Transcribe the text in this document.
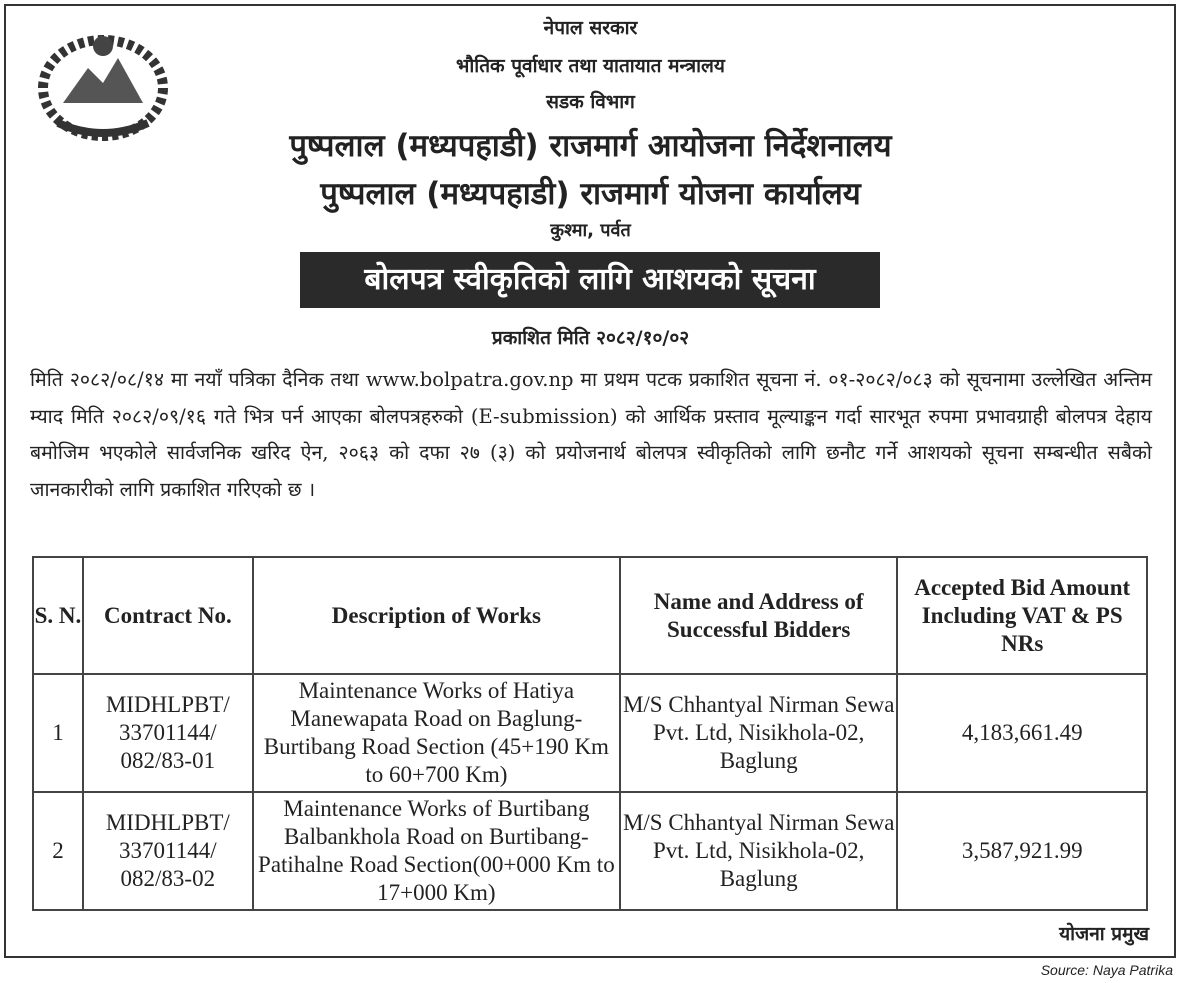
नेपाल सरकार
भौतिक पूर्वाधार तथा यातायात मन्त्रालय
सडक विभाग
पुष्पलाल (मध्यपहाडी) राजमार्ग आयोजना निर्देशनालय
पुष्पलाल (मध्यपहाडी) राजमार्ग योजना कार्यालय
कुश्मा, पर्वत
बोलपत्र स्वीकृतिको लागि आशयको सूचना
प्रकाशित मिति २०८२/१०/०२
मिति २०८२/०८/१४ मा नयाँ पत्रिका दैनिक तथा www.bolpatra.gov.np मा प्रथम पटक प्रकाशित सूचना नं. ०१-२०८२/०८३ को सूचनामा उल्लेखित अन्तिम म्याद मिति २०८२/०९/१६ गते भित्र पर्न आएका बोलपत्रहरुको (E-submission) को आर्थिक प्रस्ताव मूल्याङ्कन गर्दा सारभूत रुपमा प्रभावग्राही बोलपत्र देहाय बमोजिम भएकोले सार्वजनिक खरिद ऐन, २०६३ को दफा २७ (३) को प्रयोजनार्थ बोलपत्र स्वीकृतिको लागि छनौट गर्ने आशयको सूचना सम्बन्धीत सबैको जानकारीको लागि प्रकाशित गरिएको छ ।
S. N.	Contract No.	Description of Works	Name and Address of Successful Bidders	Accepted Bid Amount Including VAT & PS NRs
1	MIDHLPBT/ 33701144/ 082/83-01	Maintenance Works of Hatiya Manewapata Road on Baglung-Burtibang Road Section (45+190 Km to 60+700 Km)	M/S Chhantyal Nirman Sewa Pvt. Ltd, Nisikhola-02, Baglung	4,183,661.49
2	MIDHLPBT/ 33701144/ 082/83-02	Maintenance Works of Burtibang Balbankhola Road on Burtibang-Patihalne Road Section(00+000 Km to 17+000 Km)	M/S Chhantyal Nirman Sewa Pvt. Ltd, Nisikhola-02, Baglung	3,587,921.99
योजना प्रमुख
Source: Naya Patrika
